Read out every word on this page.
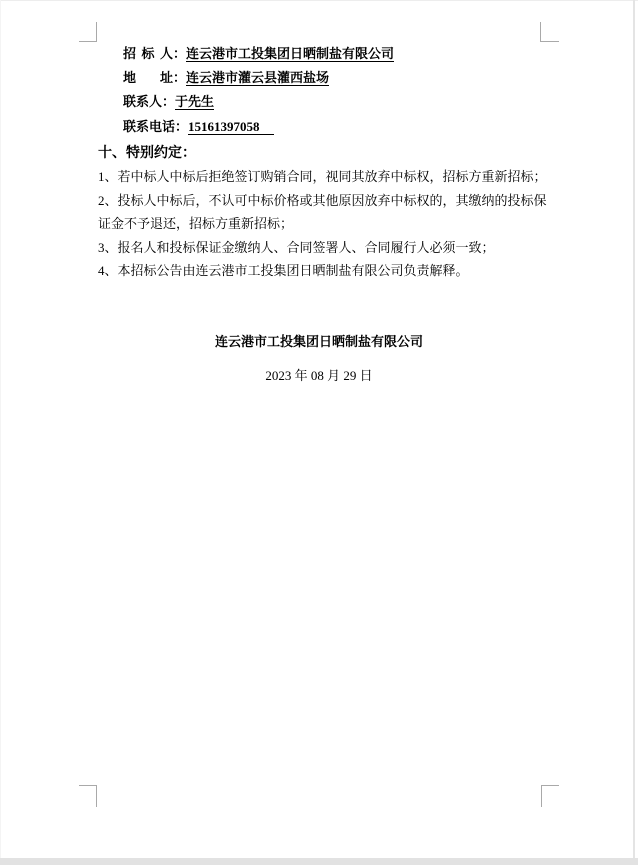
招标人：连云港市工投集团日晒制盐有限公司
地址：连云港市灌云县灌西盐场
联系人：于先生
联系电话：15161397058
十、特别约定：

1、若中标人中标后拒绝签订购销合同，视同其放弃中标权，招标方重新招标；

2、投标人中标后，不认可中标价格或其他原因放弃中标权的，其缴纳的投标保证金不予退还，招标方重新招标；

3、报名人和投标保证金缴纳人、合同签署人、合同履行人必须一致；

4、本招标公告由连云港市工投集团日晒制盐有限公司负责解释。

连云港市工投集团日晒制盐有限公司
2023 年 08 月 29 日
